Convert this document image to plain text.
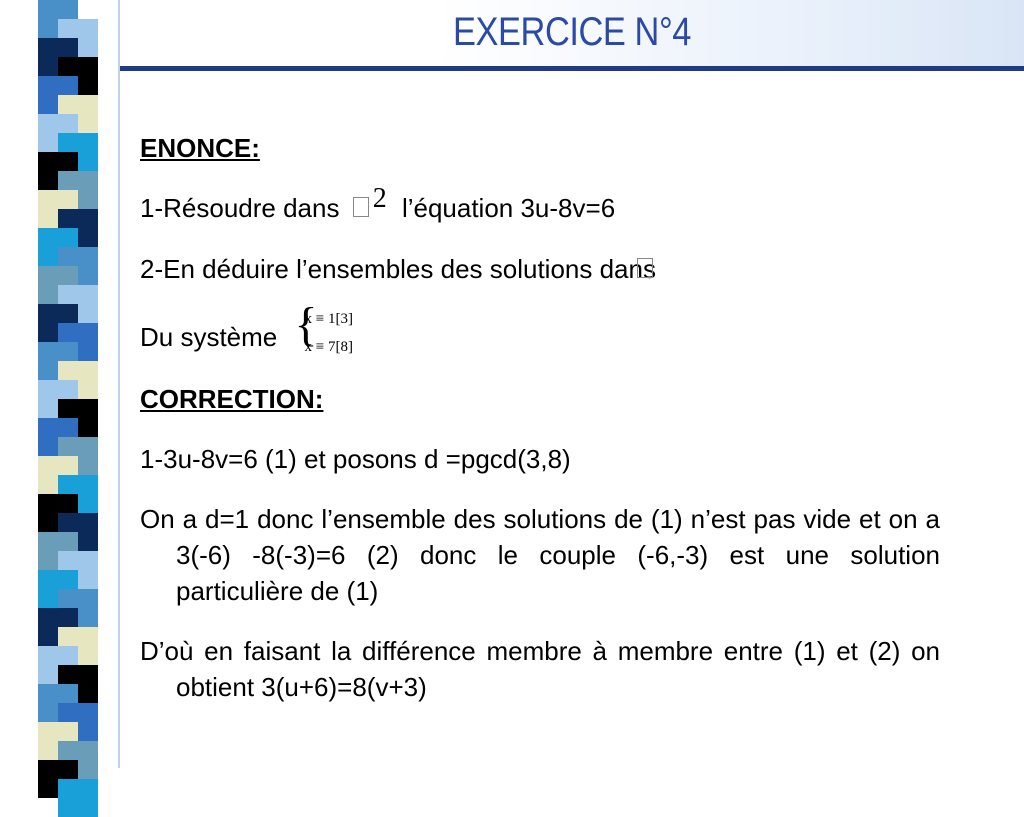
EXERCICE N°4
ENONCE:
1-Résoudre dans 2 l’équation 3u-8v=6
2-En déduire l’ensembles des solutions dans
Du système {
x ≡ 1[3]
x ≡ 7[8]
CORRECTION:
1-3u-8v=6 (1) et posons d =pgcd(3,8)
On a d=1 donc l’ensemble des solutions de (1) n’est pas vide et on a 3(-6) -8(-3)=6 (2) donc le couple (-6,-3) est une solution particulière de (1)
D’où en faisant la différence membre à membre entre (1) et (2) on obtient 3(u+6)=8(v+3)
